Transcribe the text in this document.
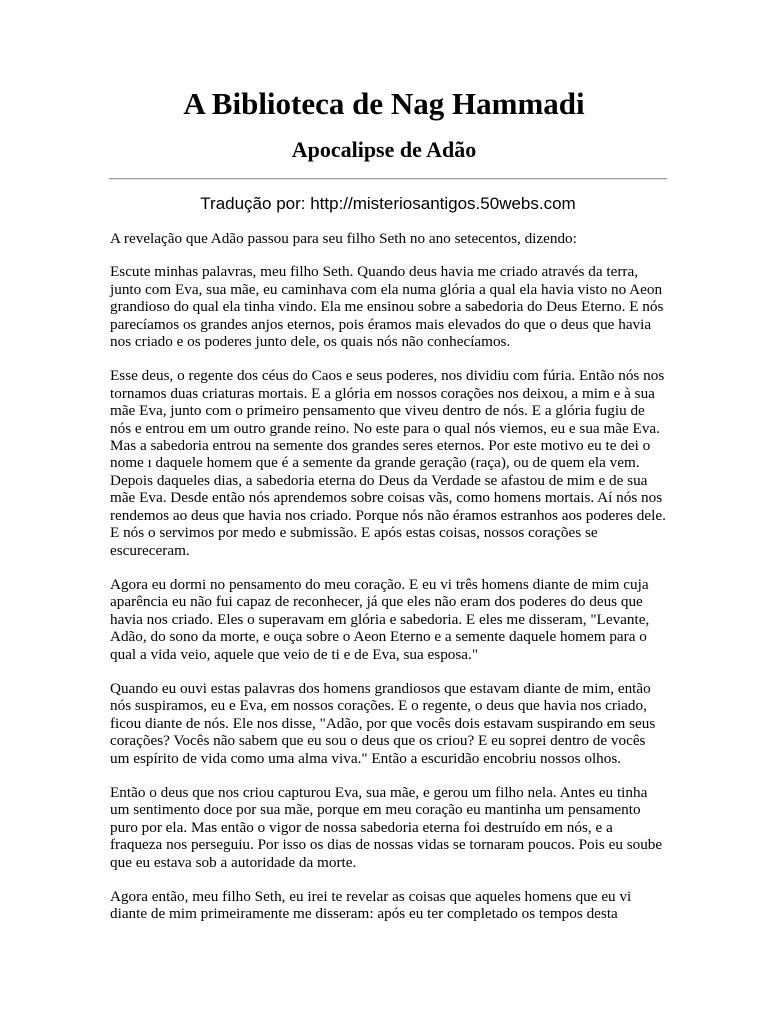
A Biblioteca de Nag Hammadi
Apocalipse de Adão

Tradução por: http://misteriosantigos.50webs.com

A revelação que Adão passou para seu filho Seth no ano setecentos, dizendo:

Escute minhas palavras, meu filho Seth. Quando deus havia me criado através da terra, junto com Eva, sua mãe, eu caminhava com ela numa glória a qual ela havia visto no Aeon grandioso do qual ela tinha vindo. Ela me ensinou sobre a sabedoria do Deus Eterno. E nós parecíamos os grandes anjos eternos, pois éramos mais elevados do que o deus que havia nos criado e os poderes junto dele, os quais nós não conhecíamos.

Esse deus, o regente dos céus do Caos e seus poderes, nos dividiu com fúria. Então nós nos tornamos duas criaturas mortais. E a glória em nossos corações nos deixou, a mim e à sua mãe Eva, junto com o primeiro pensamento que viveu dentro de nós. E a glória fugiu de nós e entrou em um outro grande reino. No este para o qual nós viemos, eu e sua mãe Eva. Mas a sabedoria entrou na semente dos grandes seres eternos. Por este motivo eu te dei o nome ı daquele homem que é a semente da grande geração (raça), ou de quem ela vem. Depois daqueles dias, a sabedoria eterna do Deus da Verdade se afastou de mim e de sua mãe Eva. Desde então nós aprendemos sobre coisas vãs, como homens mortais. Aí nós nos rendemos ao deus que havia nos criado. Porque nós não éramos estranhos aos poderes dele. E nós o servimos por medo e submissão. E após estas coisas, nossos corações se escureceram.

Agora eu dormi no pensamento do meu coração. E eu vi três homens diante de mim cuja aparência eu não fui capaz de reconhecer, já que eles não eram dos poderes do deus que havia nos criado. Eles o superavam em glória e sabedoria. E eles me disseram, "Levante, Adão, do sono da morte, e ouça sobre o Aeon Eterno e a semente daquele homem para o qual a vida veio, aquele que veio de ti e de Eva, sua esposa."

Quando eu ouvi estas palavras dos homens grandiosos que estavam diante de mim, então nós suspiramos, eu e Eva, em nossos corações. E o regente, o deus que havia nos criado, ficou diante de nós. Ele nos disse, "Adão, por que vocês dois estavam suspirando em seus corações? Vocês não sabem que eu sou o deus que os criou? E eu soprei dentro de vocês um espírito de vida como uma alma viva." Então a escuridão encobriu nossos olhos.

Então o deus que nos criou capturou Eva, sua mãe, e gerou um filho nela. Antes eu tinha um sentimento doce por sua mãe, porque em meu coração eu mantinha um pensamento puro por ela. Mas então o vigor de nossa sabedoria eterna foi destruído em nós, e a fraqueza nos perseguiu. Por isso os dias de nossas vidas se tornaram poucos. Pois eu soube que eu estava sob a autoridade da morte.

Agora então, meu filho Seth, eu irei te revelar as coisas que aqueles homens que eu vi diante de mim primeiramente me disseram: após eu ter completado os tempos desta
